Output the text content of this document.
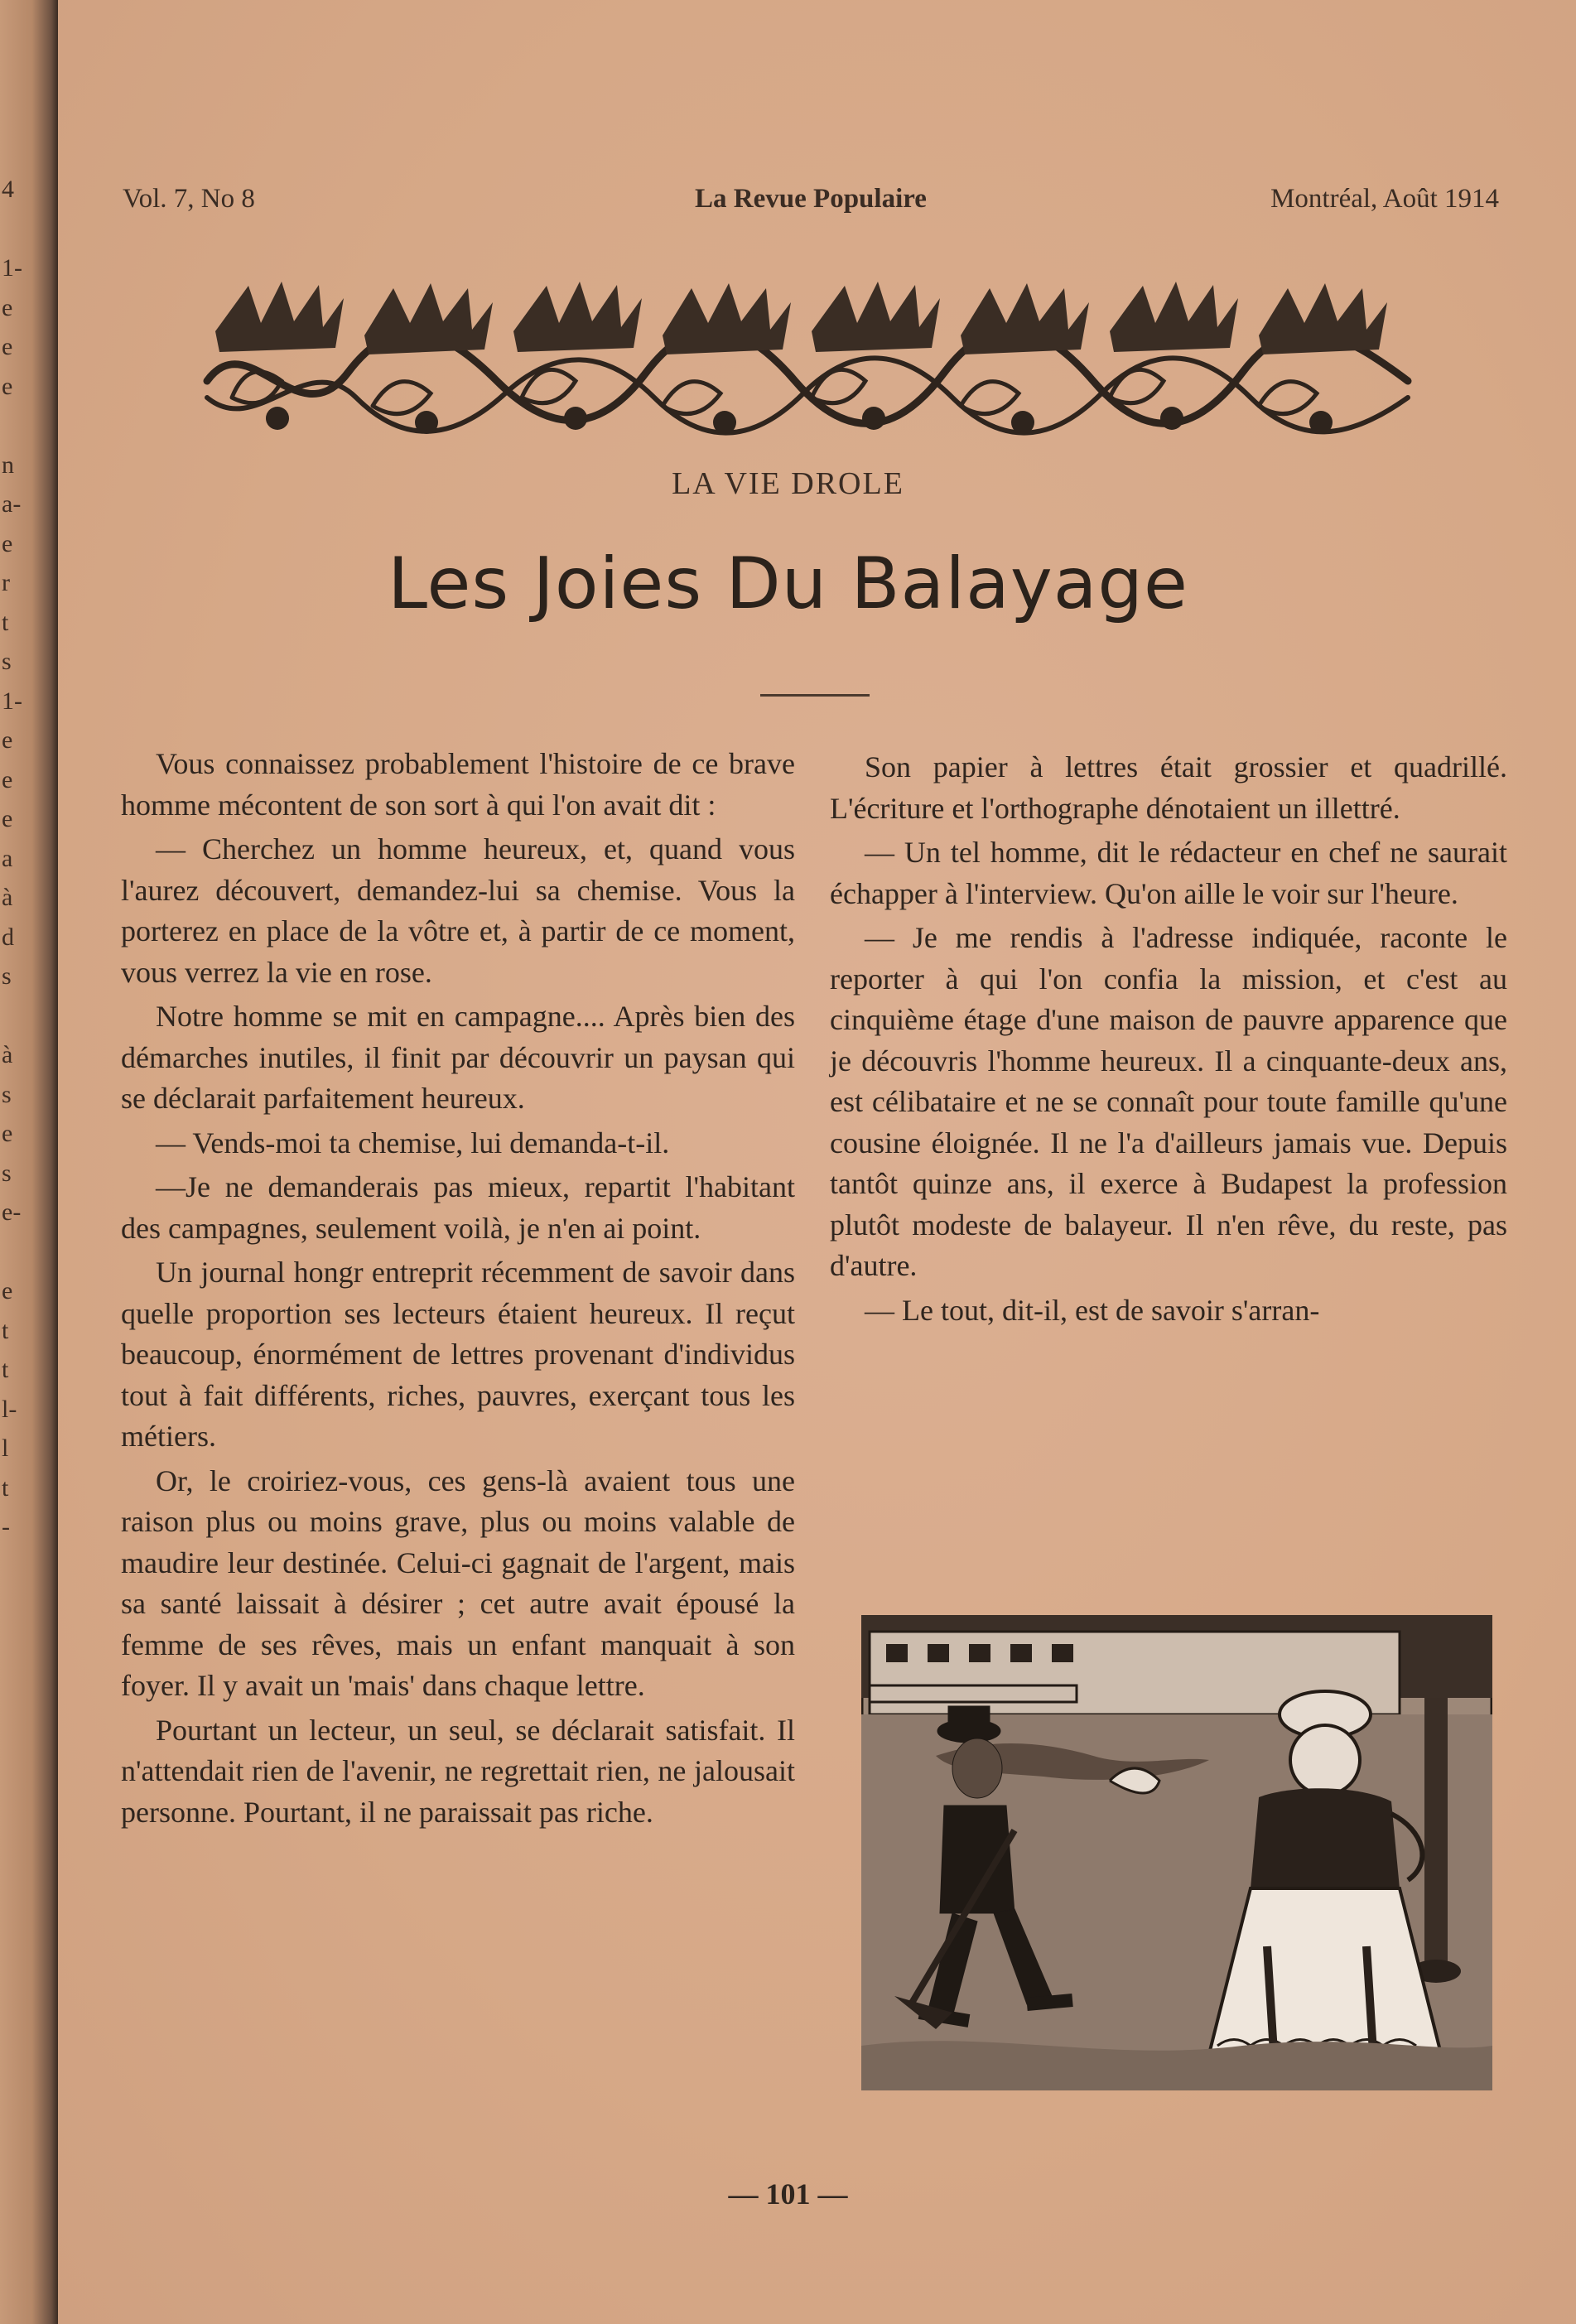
4
1-
e
e
e
n
a-
e
r
t
s
1-
e
e
e
a
à
d
s
à
s
e
s
e-
e
t
t
l-
l
t
-
Vol. 7, No 8	La Revue Populaire	Montréal, Août 1914
LA VIE DROLE
Les Joies Du Balayage

Vous connaissez probablement l'histoire de ce brave homme mécontent de son sort à qui l'on avait dit :

— Cherchez un homme heureux, et, quand vous l'aurez découvert, demandez-lui sa chemise. Vous la porterez en place de la vôtre et, à partir de ce moment, vous verrez la vie en rose.

Notre homme se mit en campagne.... Après bien des démarches inutiles, il finit par découvrir un paysan qui se déclarait parfaitement heureux.

— Vends-moi ta chemise, lui demanda-t-il.

—Je ne demanderais pas mieux, repartit l'habitant des campagnes, seulement voilà, je n'en ai point.

Un journal hongr entreprit récemment de savoir dans quelle proportion ses lecteurs étaient heureux. Il reçut beaucoup, énormément de lettres provenant d'individus tout à fait différents, riches, pauvres, exerçant tous les métiers.

Or, le croiriez-vous, ces gens-là avaient tous une raison plus ou moins grave, plus ou moins valable de maudire leur destinée. Celui-ci gagnait de l'argent, mais sa santé laissait à désirer ; cet autre avait épousé la femme de ses rêves, mais un enfant manquait à son foyer. Il y avait un 'mais' dans chaque lettre.

Pourtant un lecteur, un seul, se déclarait satisfait. Il n'attendait rien de l'avenir, ne regrettait rien, ne jalousait personne. Pourtant, il ne paraissait pas riche.

Son papier à lettres était grossier et quadrillé. L'écriture et l'orthographe dénotaient un illettré.

— Un tel homme, dit le rédacteur en chef ne saurait échapper à l'interview. Qu'on aille le voir sur l'heure.

— Je me rendis à l'adresse indiquée, raconte le reporter à qui l'on confia la mission, et c'est au cinquième étage d'une maison de pauvre apparence que je découvris l'homme heureux. Il a cinquante-deux ans, est célibataire et ne se connaît pour toute famille qu'une cousine éloignée. Il ne l'a d'ailleurs jamais vue. Depuis tantôt quinze ans, il exerce à Budapest la profession plutôt modeste de balayeur. Il n'en rêve, du reste, pas d'autre.

— Le tout, dit-il, est de savoir s'arran-

— 101 —
